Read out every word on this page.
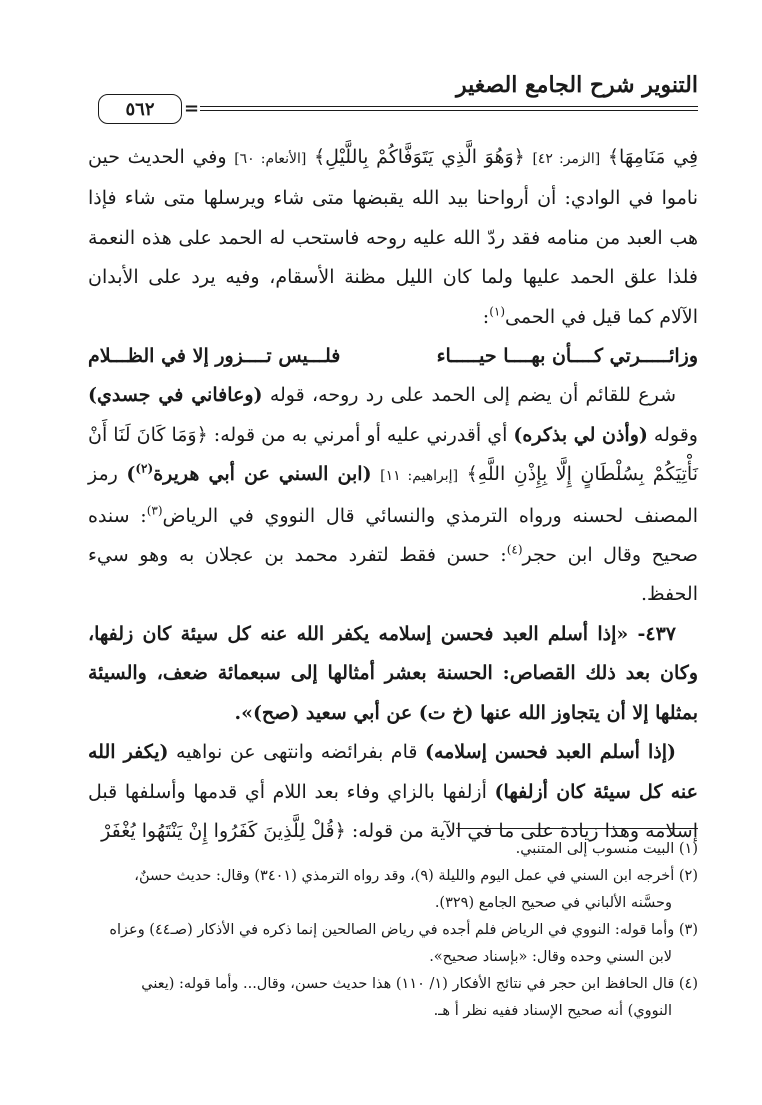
التنوير شرح الجامع الصغير
=
٥٦٢

فِي مَنَامِهَا﴾ [الزمر: ٤٢] ﴿وَهُوَ الَّذِي يَتَوَفَّاكُمْ بِاللَّيْلِ﴾ [الأنعام: ٦٠] وفي الحديث حين ناموا في الوادي: أن أرواحنا بيد الله يقبضها متى شاء ويرسلها متى شاء فإذا هب العبد من منامه فقد ردّ الله عليه روحه فاستحب له الحمد على هذه النعمة فلذا علق الحمد عليها ولما كان الليل مظنة الأسقام، وفيه يرد على الأبدان الآلام كما قيل في الحمى$^{(١)}$:

وزائـــــرتي كــــأن بهــــا حيـــــاء
فلـــيس تــــزور إلا في الظـــلام

شرع للقائم أن يضم إلى الحمد على رد روحه، قوله (وعافاني في جسدي) وقوله (وأذن لي بذكره) أي أقدرني عليه أو أمرني به من قوله: ﴿وَمَا كَانَ لَنَا أَنْ نَأْتِيَكُمْ بِسُلْطَانٍ إِلَّا بِإِذْنِ اللَّهِ﴾ [إبراهيم: ١١] (ابن السني عن أبي هريرة$^{(٢)}$) رمز المصنف لحسنه ورواه الترمذي والنسائي قال النووي في الرياض$^{(٣)}$: سنده صحيح وقال ابن حجر$^{(٤)}$: حسن فقط لتفرد محمد بن عجلان به وهو سيء الحفظ.

٤٣٧- «إذا أسلم العبد فحسن إسلامه يكفر الله عنه كل سيئة كان زلفها، وكان بعد ذلك القصاص: الحسنة بعشر أمثالها إلى سبعمائة ضعف، والسيئة بمثلها إلا أن يتجاوز الله عنها (خ ت) عن أبي سعيد (صح)».

(إذا أسلم العبد فحسن إسلامه) قام بفرائضه وانتهى عن نواهيه (يكفر الله عنه كل سيئة كان أزلفها) أزلفها بالزاي وفاء بعد اللام أي قدمها وأسلفها قبل إسلامه وهذا زيادة على ما في الآية من قوله: ﴿قُلْ لِلَّذِينَ كَفَرُوا إِنْ يَنْتَهُوا يُغْفَرْ

(١) البيت منسوب إلى المتنبي.

(٢) أخرجه ابن السني في عمل اليوم والليلة (٩)، وقد رواه الترمذي (٣٤٠١) وقال: حديث حسنٌ،

وحسَّنه الألباني في صحيح الجامع (٣٢٩).

(٣) وأما قوله: النووي في الرياض فلم أجده في رياض الصالحين إنما ذكره في الأذكار (صـ٤٤) وعزاه

لابن السني وحده وقال: «بإسناد صحيح».

(٤) قال الحافظ ابن حجر في نتائج الأفكار (١/ ١١٠) هذا حديث حسن، وقال... وأما قوله: (يعني

النووي) أنه صحيح الإسناد ففيه نظر أ هـ.
